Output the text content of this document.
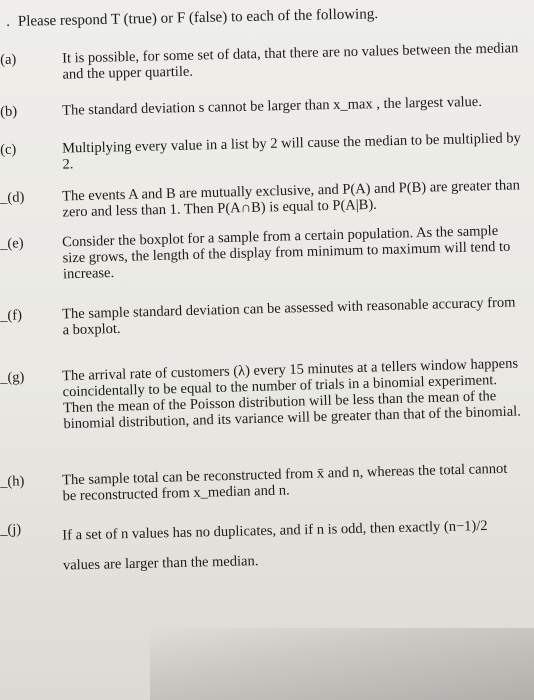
. Please respond T (true) or F (false) to each of the following.
(a)	It is possible, for some set of data, that there are no values between the median and the upper quartile.
(b)	The standard deviation s cannot be larger than x_max , the largest value.
(c)	Multiplying every value in a list by 2 will cause the median to be multiplied by 2.
_(d)	The events A and B are mutually exclusive, and P(A) and P(B) are greater than zero and less than 1. Then P(A∩B) is equal to P(A|B).
_(e)	Consider the boxplot for a sample from a certain population. As the sample size grows, the length of the display from minimum to maximum will tend to increase.
_(f)	The sample standard deviation can be assessed with reasonable accuracy from a boxplot.
_(g)	The arrival rate of customers (λ) every 15 minutes at a tellers window happens coincidentally to be equal to the number of trials in a binomial experiment. Then the mean of the Poisson distribution will be less than the mean of the binomial distribution, and its variance will be greater than that of the binomial.
_(h)	The sample total can be reconstructed from x̄ and n, whereas the total cannot be reconstructed from x_median and n.
_(j)	If a set of n values has no duplicates, and if n is odd, then exactly (n−1)/2 values are larger than the median.
